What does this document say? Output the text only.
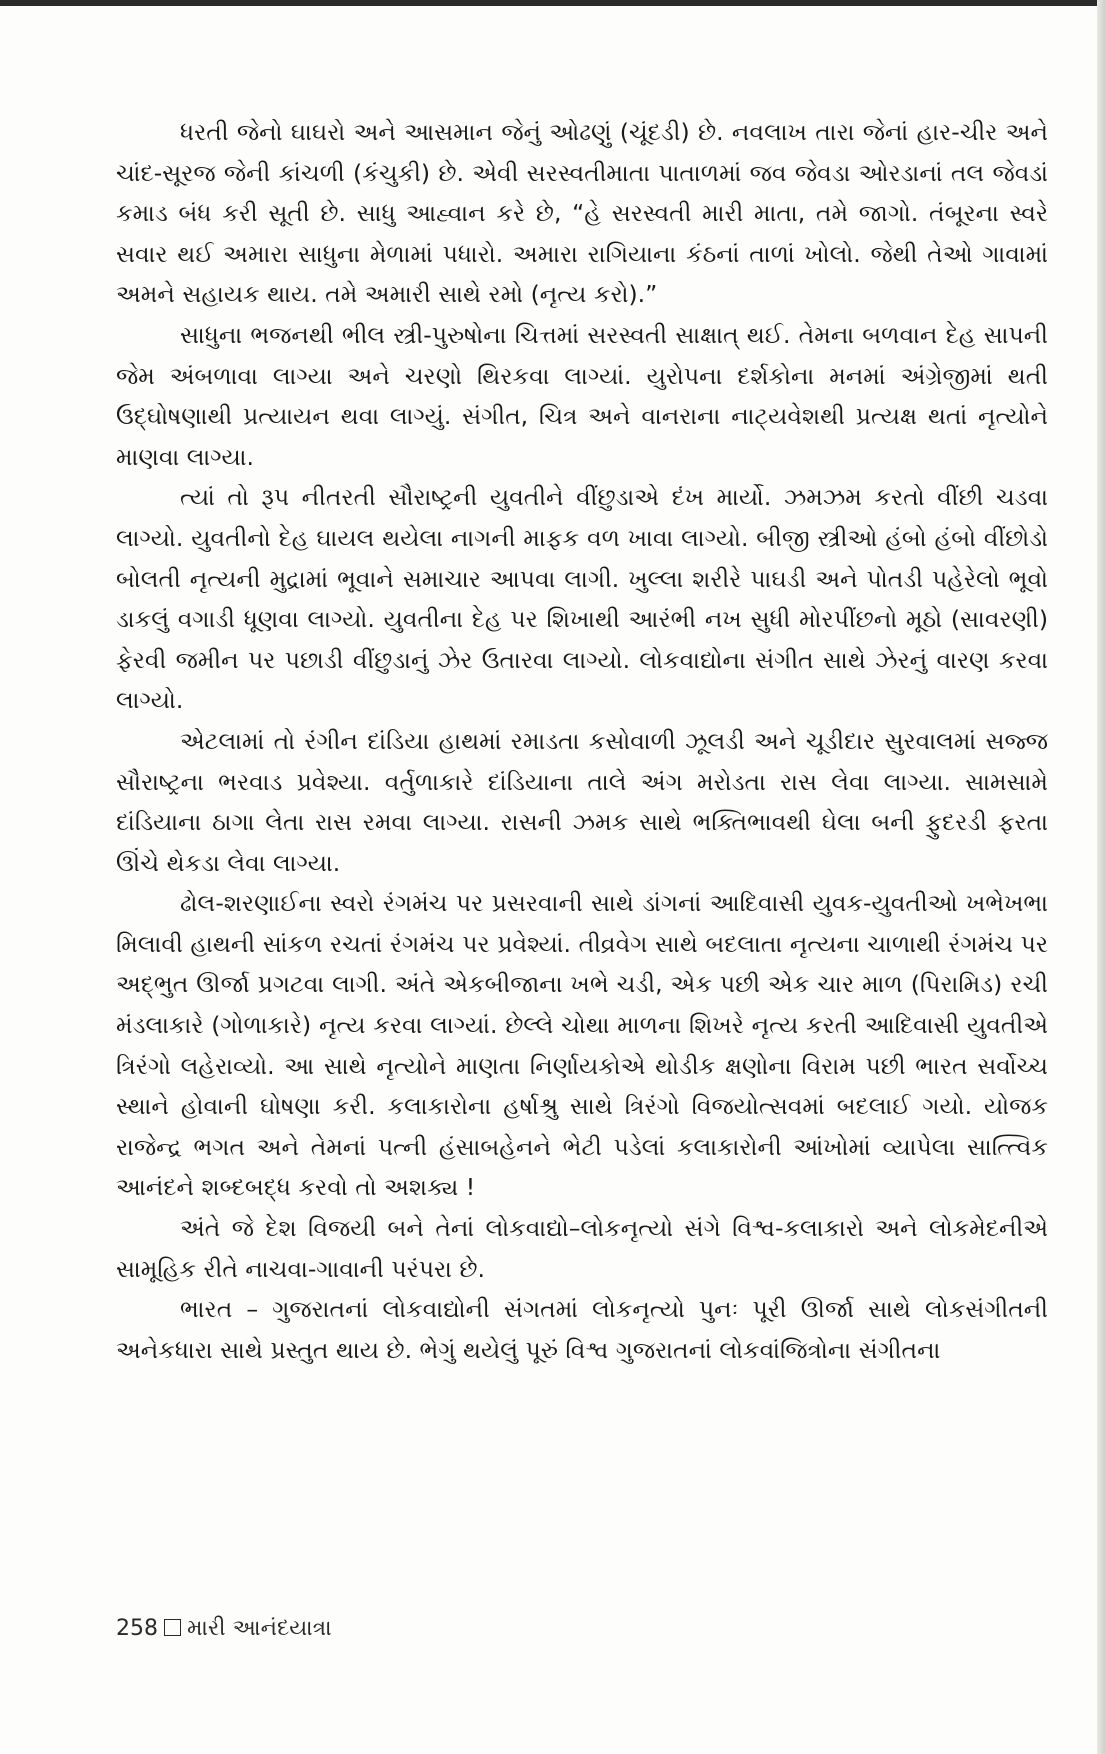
ધરતી જેનો ઘાઘરો અને આસમાન જેનું ઓઢણું (ચૂંદડી) છે. નવલાખ તારા જેનાં હાર-ચીર અને ચાંદ-સૂરજ જેની કાંચળી (કંચુકી) છે. એવી સરસ્વતીમાતા પાતાળમાં જવ જેવડા ઓરડાનાં તલ જેવડાં કમાડ બંધ કરી સૂતી છે. સાધુ આહ્વાન કરે છે, “હે સરસ્વતી મારી માતા, તમે જાગો. તંબૂરના સ્વરે સવાર થઈ અમારા સાધુના મેળામાં પધારો. અમારા રાગિયાના કંઠનાં તાળાં ખોલો. જેથી તેઓ ગાવામાં અમને સહાયક થાય. તમે અમારી સાથે રમો (નૃત્ય કરો).”

સાધુના ભજનથી ભીલ સ્ત્રી-પુરુષોના ચિત્તમાં સરસ્વતી સાક્ષાત્ થઈ. તેમના બળવાન દેહ સાપની જેમ અંબળાવા લાગ્યા અને ચરણો થિરકવા લાગ્યાં. યુરોપના દર્શકોના મનમાં અંગ્રેજીમાં થતી ઉદ્ઘોષણાથી પ્રત્યાયન થવા લાગ્યું. સંગીત, ચિત્ર અને વાનરાના નાટ્યવેશથી પ્રત્યક્ષ થતાં નૃત્યોને માણવા લાગ્યા.

ત્યાં તો રૂપ નીતરતી સૌરાષ્ટ્રની યુવતીને વીંછુડાએ દંખ માર્યો. ઝમઝમ કરતો વીંછી ચડવા લાગ્યો. યુવતીનો દેહ ઘાયલ થયેલા નાગની માફક વળ ખાવા લાગ્યો. બીજી સ્ત્રીઓ હંબો હંબો વીંછોડો બોલતી નૃત્યની મુદ્રામાં ભૂવાને સમાચાર આપવા લાગી. ખુલ્લા શરીરે પાઘડી અને પોતડી પહેરેલો ભૂવો ડાકલું વગાડી ધૂણવા લાગ્યો. યુવતીના દેહ પર શિખાથી આરંભી નખ સુધી મોરપીંછનો મૂઠો (સાવરણી) ફેરવી જમીન પર પછાડી વીંછુડાનું ઝેર ઉતારવા લાગ્યો. લોકવાદ્યોના સંગીત સાથે ઝેરનું વારણ કરવા લાગ્યો.

એટલામાં તો રંગીન દાંડિયા હાથમાં રમાડતા કસોવાળી ઝૂલડી અને ચૂડીદાર સુરવાલમાં સજ્જ સૌરાષ્ટ્રના ભરવાડ પ્રવેશ્યા. વર્તુળાકારે દાંડિયાના તાલે અંગ મરોડતા રાસ લેવા લાગ્યા. સામસામે દાંડિયાના ઠાગા લેતા રાસ રમવા લાગ્યા. રાસની ઝમક સાથે ભક્તિભાવથી ઘેલા બની ફુદરડી ફરતા ઊંચે થેકડા લેવા લાગ્યા.

ઢોલ-શરણાઈના સ્વરો રંગમંચ પર પ્રસરવાની સાથે ડાંગનાં આદિવાસી યુવક-યુવતીઓ ખભેખભા મિલાવી હાથની સાંકળ રચતાં રંગમંચ પર પ્રવેશ્યાં. તીવ્રવેગ સાથે બદલાતા નૃત્યના ચાળાથી રંગમંચ પર અદ્ભુત ઊર્જા પ્રગટવા લાગી. અંતે એકબીજાના ખભે ચડી, એક પછી એક ચાર માળ (પિરામિડ) રચી મંડલાકારે (ગોળાકારે) નૃત્ય કરવા લાગ્યાં. છેલ્લે ચોથા માળના શિખરે નૃત્ય કરતી આદિવાસી યુવતીએ ત્રિરંગો લહેરાવ્યો. આ સાથે નૃત્યોને માણતા નિર્ણાયકોએ થોડીક ક્ષણોના વિરામ પછી ભારત સર્વોચ્ચ સ્થાને હોવાની ઘોષણા કરી. કલાકારોના હર્ષાશ્રુ સાથે ત્રિરંગો વિજયોત્સવમાં બદલાઈ ગયો. યોજક રાજેન્દ્ર ભગત અને તેમનાં પત્ની હંસાબહેનને ભેટી પડેલાં કલાકારોની આંખોમાં વ્યાપેલા સાત્ત્વિક આનંદને શબ્દબદ્ધ કરવો તો અશક્ય !

અંતે જે દેશ વિજયી બને તેનાં લોકવાદ્યો–લોકનૃત્યો સંગે વિશ્વ-કલાકારો અને લોકમેદનીએ સામૂહિક રીતે નાચવા-ગાવાની પરંપરા છે.

ભારત – ગુજરાતનાં લોકવાદ્યોની સંગતમાં લોકનૃત્યો પુનઃ પૂરી ઊર્જા સાથે લોકસંગીતની અનેકધારા સાથે પ્રસ્તુત થાય છે. ભેગું થયેલું પૂરું વિશ્વ ગુજરાતનાં લોકવાંજિત્રોના સંગીતના

258 મારી આનંદયાત્રા
